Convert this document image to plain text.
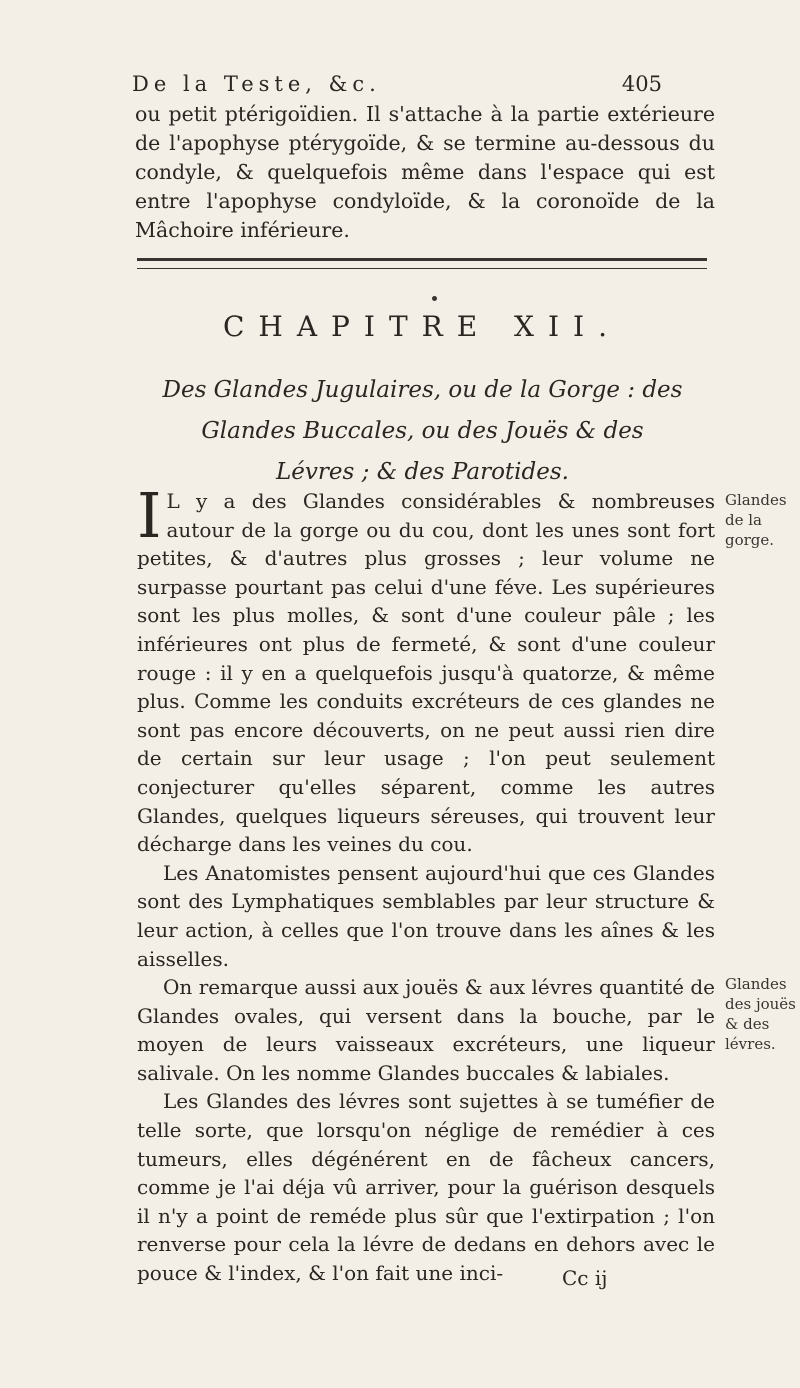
De la Teste, &c.	405

ou petit ptérigoïdien. Il s'attache à la partie extérieure de l'apophyse ptérygoïde, & se termine au-dessous du condyle, & quelquefois même dans l'espace qui est entre l'apophyse condyloïde, & la coronoïde de la Mâchoire inférieure.

CHAPITRE XII.
Des Glandes Jugulaires, ou de la Gorge : des
Glandes Buccales, ou des Jouës & des
Lévres ; & des Parotides.

I L y a des Glandes considérables & nombreuses autour de la gorge ou du cou, dont les unes sont fort petites, & d'autres plus grosses ; leur volume ne surpasse pourtant pas celui d'une féve. Les supérieures sont les plus molles, & sont d'une couleur pâle ; les inférieures ont plus de fermeté, & sont d'une couleur rouge : il y en a quelquefois jusqu'à quatorze, & même plus. Comme les conduits excréteurs de ces glandes ne sont pas encore découverts, on ne peut aussi rien dire de certain sur leur usage ; l'on peut seulement conjecturer qu'elles séparent, comme les autres Glandes, quelques liqueurs séreuses, qui trouvent leur décharge dans les veines du cou.

Les Anatomistes pensent aujourd'hui que ces Glandes sont des Lymphatiques semblables par leur structure & leur action, à celles que l'on trouve dans les aînes & les aisselles.

On remarque aussi aux jouës & aux lévres quantité de Glandes ovales, qui versent dans la bouche, par le moyen de leurs vaisseaux excréteurs, une liqueur salivale. On les nomme Glandes buccales & labiales.

Les Glandes des lévres sont sujettes à se tuméfier de telle sorte, que lorsqu'on néglige de remédier à ces tumeurs, elles dégénérent en de fâcheux cancers, comme je l'ai déja vû arriver, pour la guérison desquels il n'y a point de reméde plus sûr que l'extirpation ; l'on renverse pour cela la lévre de dedans en dehors avec le pouce & l'index, & l'on fait une inci-

Glandes de la gorge.
Glandes des jouës & des lévres.
Cc ij
